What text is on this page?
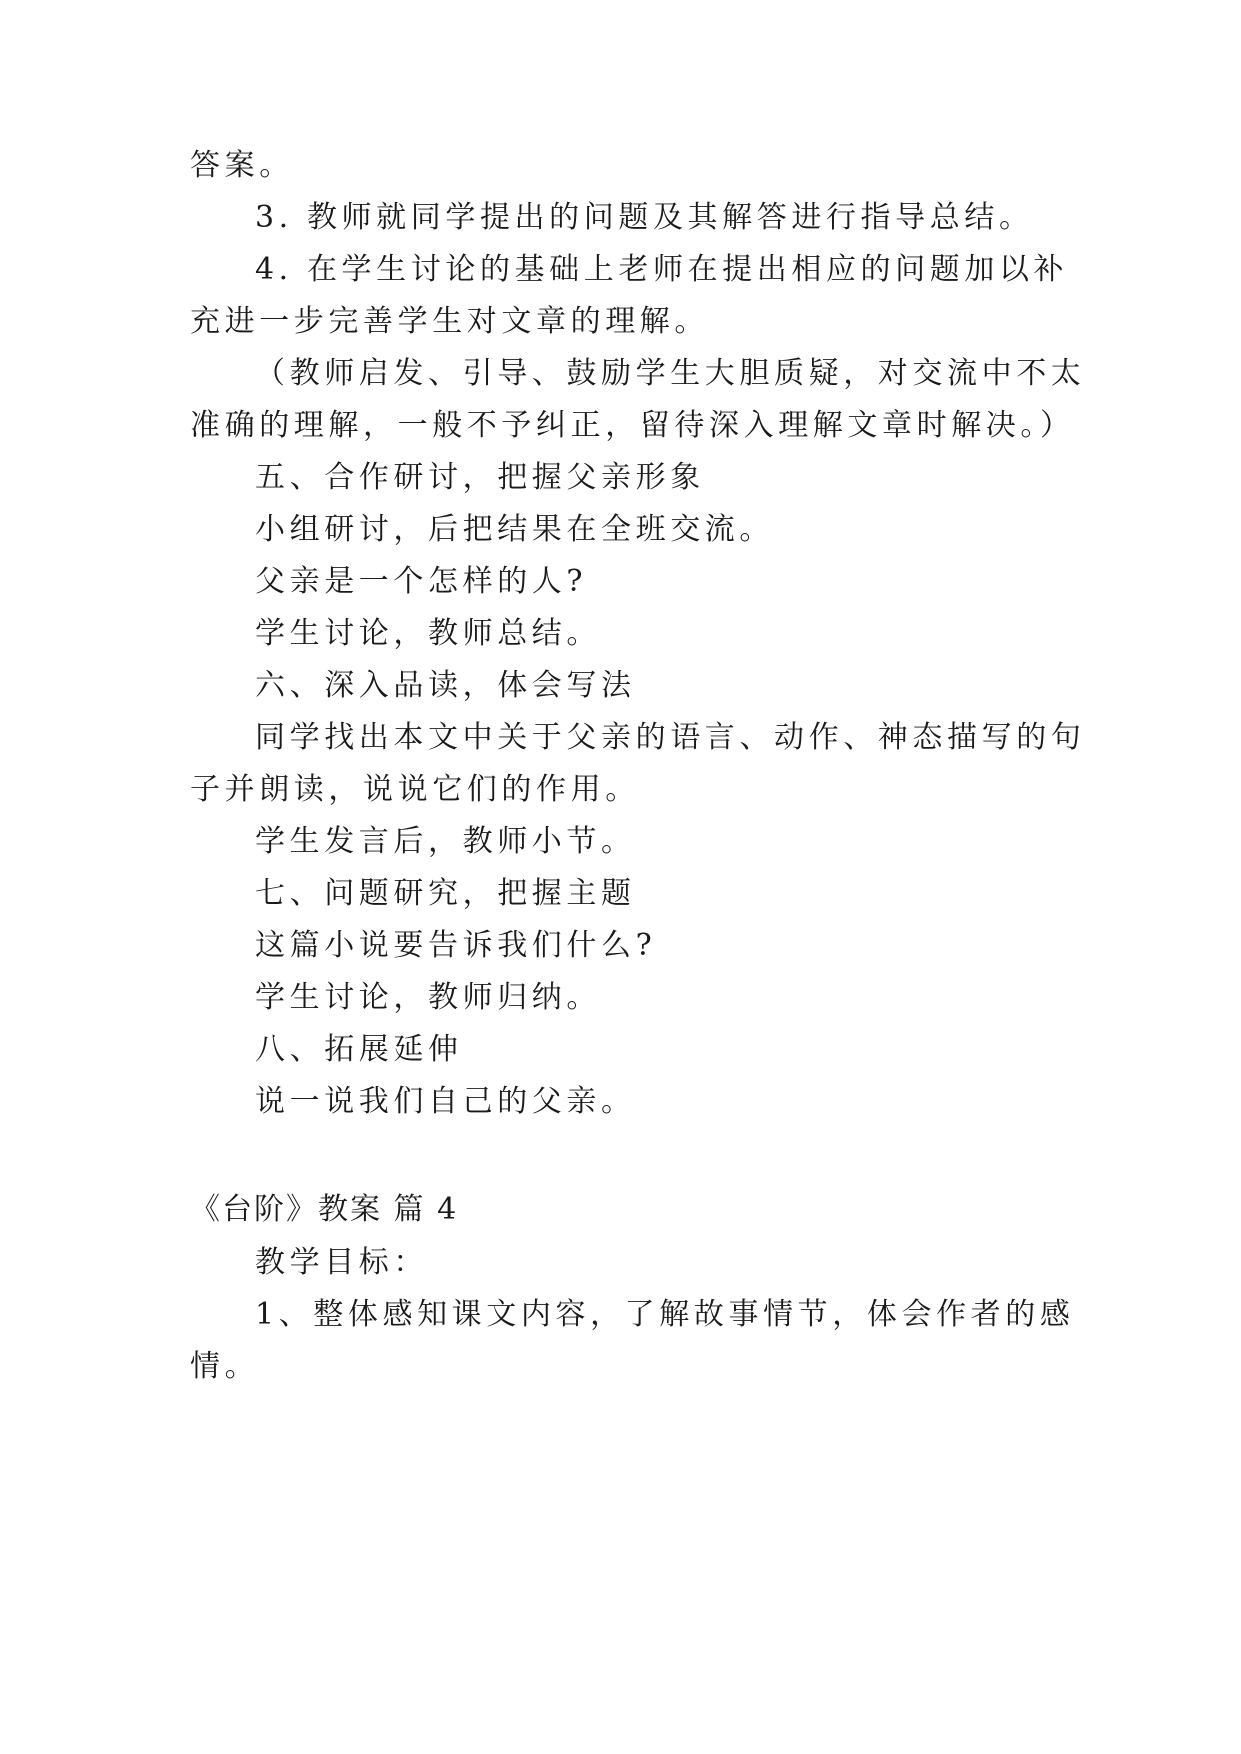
答案。
3. 教师就同学提出的问题及其解答进行指导总结。
4. 在学生讨论的基础上老师在提出相应的问题加以补
充进一步完善学生对文章的理解。
（教师启发、引导、鼓励学生大胆质疑，对交流中不太
准确的理解，一般不予纠正，留待深入理解文章时解决。）
五、合作研讨，把握父亲形象
小组研讨，后把结果在全班交流。
父亲是一个怎样的人?
学生讨论，教师总结。
六、深入品读，体会写法
同学找出本文中关于父亲的语言、动作、神态描写的句
子并朗读，说说它们的作用。
学生发言后，教师小节。
七、问题研究，把握主题
这篇小说要告诉我们什么?
学生讨论，教师归纳。
八、拓展延伸
说一说我们自己的父亲。
《台阶》教案 篇 4
教学目标：
1、整体感知课文内容，了解故事情节，体会作者的感
情。
